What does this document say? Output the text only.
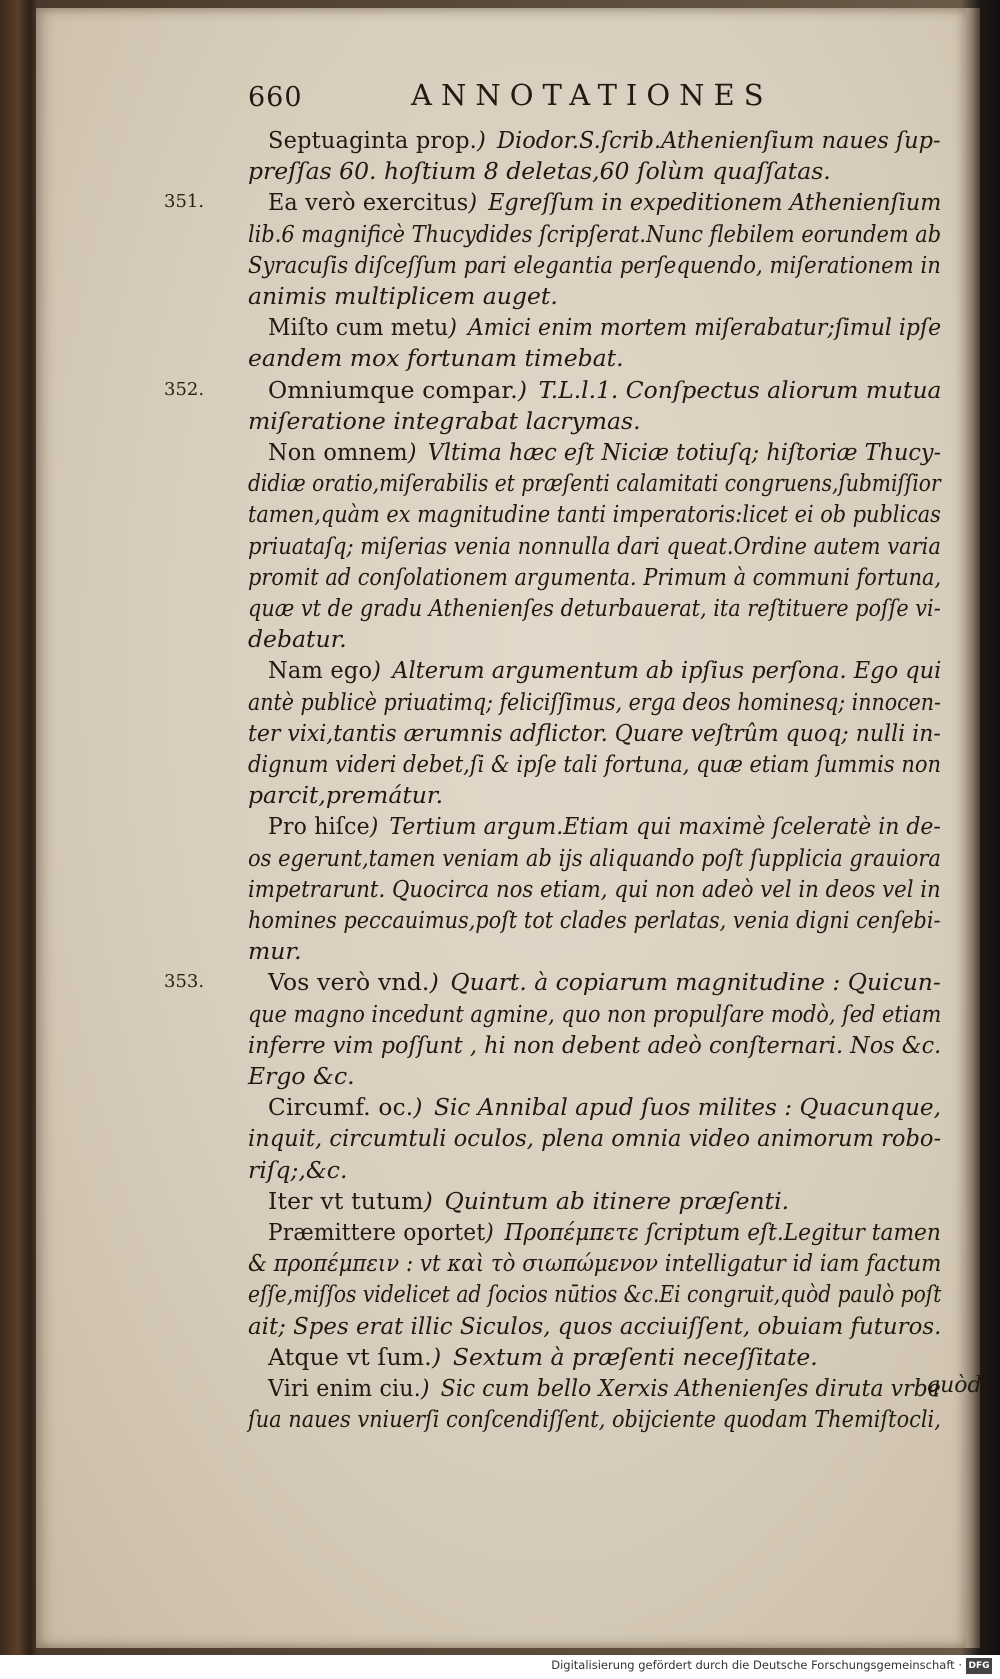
660	ANNOTATIONES
Septuaginta prop.) Diodor.S.ſcrib.Athenienſium naues ſup-
preſſas 60. hoſtium 8 deletas,60 ſolùm quaſſatas.
351.	Ea verò exercitus) Egreſſum in expeditionem Athenienſium
lib.6 magnificè Thucydides ſcripſerat.Nunc flebilem eorundem ab
Syracuſis diſceſſum pari elegantia perſequendo, miſerationem in
animis multiplicem auget.
Miſto cum metu) Amici enim mortem miſerabatur;ſimul ipſe
eandem mox fortunam timebat.
352.	Omniumque compar.) T.L.l.1. Conſpectus aliorum mutua
miſeratione integrabat lacrymas.
Non omnem) Vltima hæc eſt Niciæ totiuſq; hiſtoriæ Thucy-
didiæ oratio,miſerabilis et præſenti calamitati congruens,ſubmiſſior
tamen,quàm ex magnitudine tanti imperatoris:licet ei ob publicas
priuataſq; miſerias venia nonnulla dari queat.Ordine autem varia
promit ad conſolationem argumenta. Primum à communi fortuna,
quæ vt de gradu Athenienſes deturbauerat, ita reſtituere poſſe vi-
debatur.
Nam ego) Alterum argumentum ab ipſius perſona. Ego qui
antè publicè priuatimq; feliciſſimus, erga deos hominesq; innocen-
ter vixi,tantis ærumnis adflictor. Quare veſtrûm quoq; nulli in-
dignum videri debet,ſi & ipſe tali fortuna, quæ etiam ſummis non
parcit,premátur.
Pro hiſce) Tertium argum.Etiam qui maximè ſceleratè in de-
os egerunt,tamen veniam ab ijs aliquando poſt ſupplicia grauiora
impetrarunt. Quocirca nos etiam, qui non adeò vel in deos vel in
homines peccauimus,poſt tot clades perlatas, venia digni cenſebi-
mur.
353.	Vos verò vnd.) Quart. à copiarum magnitudine : Quicun-
que magno incedunt agmine, quo non propulſare modò, ſed etiam
inferre vim poſſunt , hi non debent adeò conſternari. Nos &c.
Ergo &c.
Circumf. oc.) Sic Annibal apud ſuos milites : Quacunque,
inquit, circumtuli oculos, plena omnia video animorum robo-
riſq;,&c.
Iter vt tutum) Quintum ab itinere præſenti.
Præmittere oportet) Προπέμπετε ſcriptum eſt.Legitur tamen
& προπέμπειν : vt καὶ τὸ σιωπώμενον intelligatur id iam factum
eſſe,miſſos videlicet ad ſocios nūtios &c.Ei congruit,quòd paulò poſt
ait; Spes erat illic Siculos, quos acciuiſſent, obuiam futuros.
Atque vt ſum.) Sextum à præſenti neceſſitate.
Viri enim ciu.) Sic cum bello Xerxis Athenienſes diruta vrbe
ſua naues vniuerſi conſcendiſſent, obijciente quodam Themiſtocli,
quòd
Digitalisierung gefördert durch die Deutsche Forschungsgemeinschaft · DFG
